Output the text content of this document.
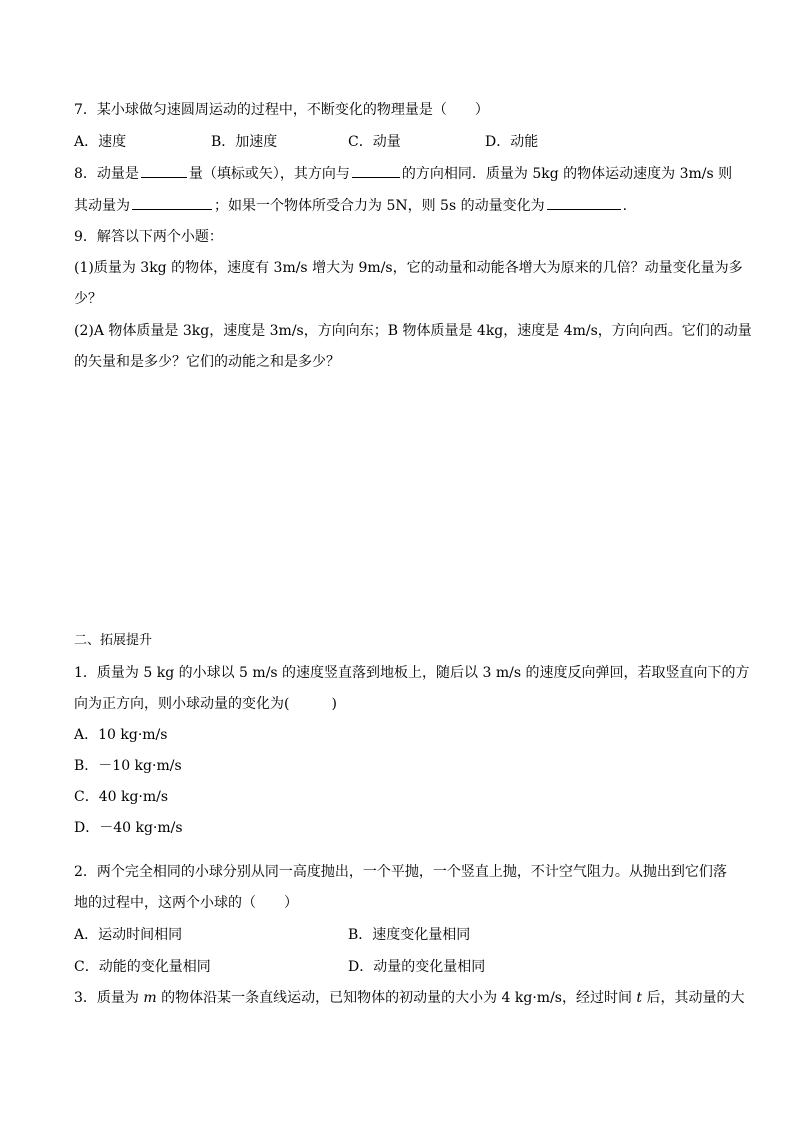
7．某小球做匀速圆周运动的过程中，不断变化的物理量是（　　）
A．速度	B．加速度	C．动量	D．动能
8．动量是	量（填标或矢），其方向与	的方向相同．质量为 5kg 的物体运动速度为 3m/s 则
其动量为	；如果一个物体所受合力为 5N，则 5s 的动量变化为	.
9．解答以下两个小题：
(1)质量为 3kg 的物体，速度有 3m/s 增大为 9m/s，它的动量和动能各增大为原来的几倍？动量变化量为多
少？
(2)A 物体质量是 3kg，速度是 3m/s，方向向东；B 物体质量是 4kg，速度是 4m/s，方向向西。它们的动量
的矢量和是多少？它们的动能之和是多少？
二、拓展提升
1．质量为 5 kg 的小球以 5 m/s 的速度竖直落到地板上，随后以 3 m/s 的速度反向弹回，若取竖直向下的方
向为正方向，则小球动量的变化为(　　　)
A．10 kg·m/s
B．－10 kg·m/s
C．40 kg·m/s
D．－40 kg·m/s
2．两个完全相同的小球分别从同一高度抛出，一个平抛，一个竖直上抛，不计空气阻力。从抛出到它们落
地的过程中，这两个小球的（　　）
A．运动时间相同	B．速度变化量相同
C．动能的变化量相同	D．动量的变化量相同
3．质量为 m 的物体沿某一条直线运动，已知物体的初动量的大小为 4 kg·m/s，经过时间 t 后，其动量的大
